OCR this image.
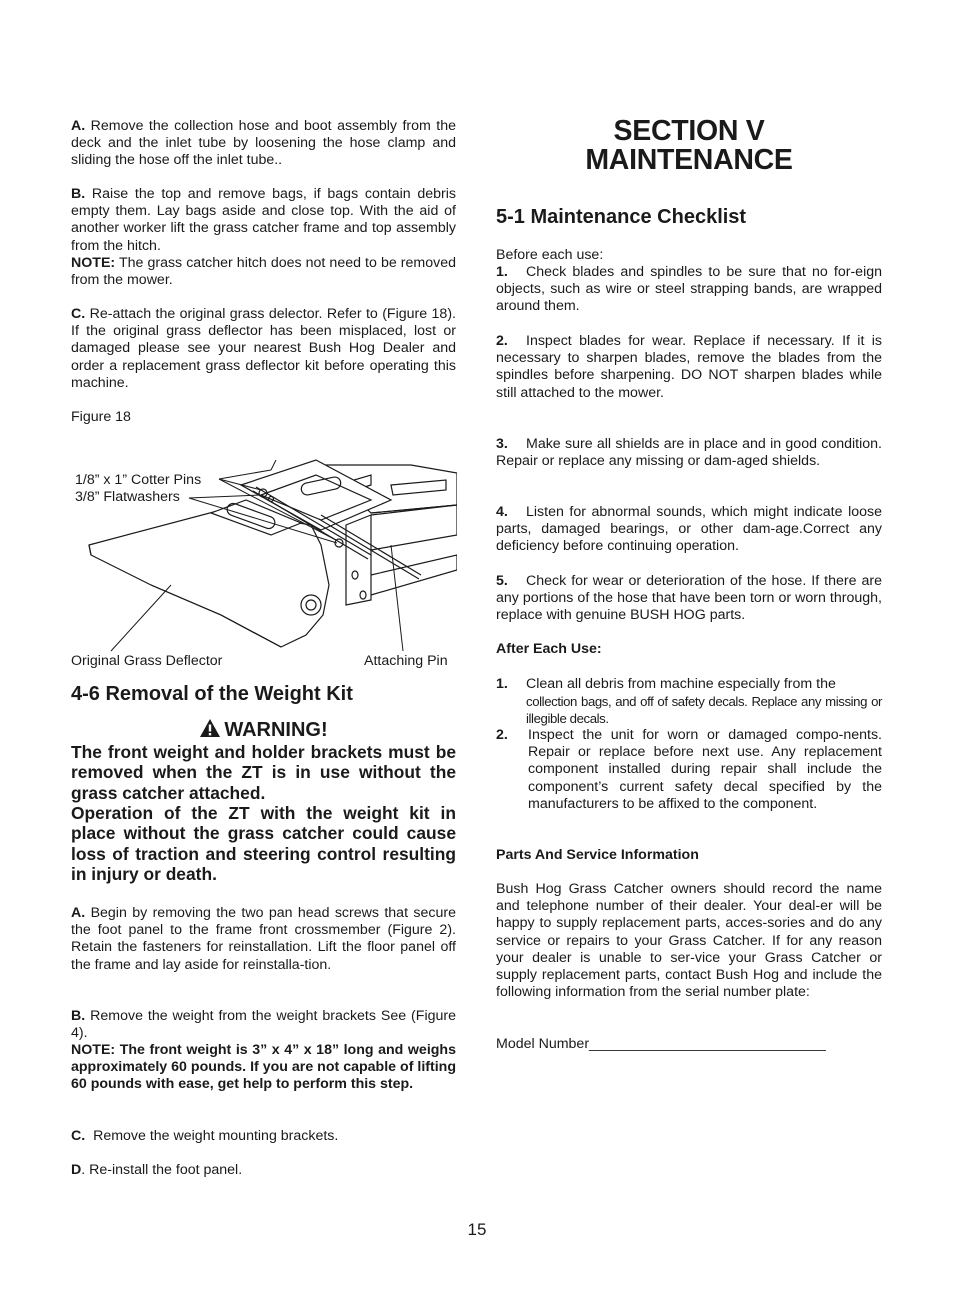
A. Remove the collection hose and boot assembly from the deck and the inlet tube by loosening the hose clamp and sliding the hose off the inlet tube..

B. Raise the top and remove bags, if bags contain debris empty them. Lay bags aside and close top. With the aid of another worker lift the grass catcher frame and top assembly from the hitch.

NOTE: The grass catcher hitch does not need to be removed from the mower.

C. Re-attach the original grass delector. Refer to (Figure 18). If the original grass deflector has been misplaced, lost or damaged please see your nearest Bush Hog Dealer and order a replacement grass deflector kit before operating this machine.

Figure 18
1/8” x 1” Cotter Pins
3/8” Flatwashers
Original Grass Deflector	Attaching Pin
4-6 Removal of the Weight Kit
WARNING!

The front weight and holder brackets must be removed when the ZT is in use without the grass catcher attached.

Operation of the ZT with the weight kit in place without the grass catcher could cause loss of traction and steering control resulting in injury or death.

A. Begin by removing the two pan head screws that secure the foot panel to the frame front crossmember (Figure 2). Retain the fasteners for reinstallation. Lift the floor panel off the frame and lay aside for reinstalla-tion.

B. Remove the weight from the weight brackets See (Figure 4).

NOTE: The front weight is 3” x 4” x 18” long and weighs approximately 60 pounds. If you are not capable of lifting 60 pounds with ease, get help to perform this step.

C. Remove the weight mounting brackets.

D. Re-install the foot panel.

SECTION V
MAINTENANCE
5-1 Maintenance Checklist
Before each use:
1.	Check blades and spindles to be sure that no for-eign objects, such as wire or steel strapping bands, are wrapped around them.
2.	Inspect blades for wear. Replace if necessary. If it is necessary to sharpen blades, remove the blades from the spindles before sharpening. DO NOT sharpen blades while still attached to the mower.
3.	Make sure all shields are in place and in good condition. Repair or replace any missing or dam-aged shields.
4.	Listen for abnormal sounds, which might indicate loose parts, damaged bearings, or other dam-age.Correct any deficiency before continuing operation.
5.	Check for wear or deterioration of the hose. If there are any portions of the hose that have been torn or worn through, replace with genuine BUSH HOG parts.
After Each Use:
1. Clean all debris from machine especially from the
collection bags, and off of safety decals. Replace any missing or illegible decals.
2. Inspect the unit for worn or damaged compo-nents. Repair or replace before next use. Any replacement component installed during repair shall include the component’s current safety decal specified by the manufacturers to be affixed to the component.
Parts And Service Information

Bush Hog Grass Catcher owners should record the name and telephone number of their dealer. Your deal-er will be happy to supply replacement parts, acces-sories and do any service or repairs to your Grass Catcher. If for any reason your dealer is unable to ser-vice your Grass Catcher or supply replacement parts, contact Bush Hog and include the following information from the serial number plate:

Model Number______________________________
15
